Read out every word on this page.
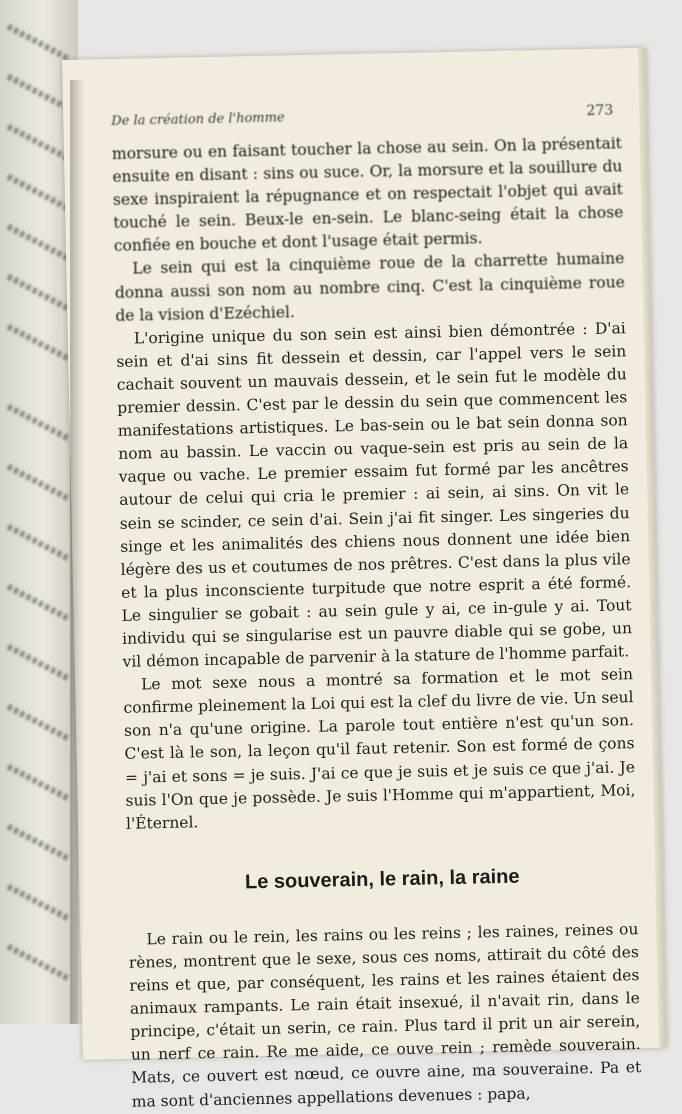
De la création de l'homme	273

morsure ou en faisant toucher la chose au sein. On la présentait ensuite en disant : sins ou suce. Or, la morsure et la souillure du sexe inspiraient la répugnance et on respectait l'objet qui avait touché le sein. Beux-le en-sein. Le blanc-seing était la chose confiée en bouche et dont l'usage était permis.

Le sein qui est la cinquième roue de la charrette humaine donna aussi son nom au nombre cinq. C'est la cinquième roue de la vision d'Ezéchiel.

L'origine unique du son sein est ainsi bien démontrée : D'ai sein et d'ai sins fit dessein et dessin, car l'appel vers le sein cachait souvent un mauvais dessein, et le sein fut le modèle du premier dessin. C'est par le dessin du sein que commencent les manifestations artistiques. Le bas-sein ou le bat sein donna son nom au bassin. Le vaccin ou vaque-sein est pris au sein de la vaque ou vache. Le premier essaim fut formé par les ancêtres autour de celui qui cria le premier : ai sein, ai sins. On vit le sein se scinder, ce sein d'ai. Sein j'ai fit singer. Les singeries du singe et les animalités des chiens nous donnent une idée bien légère des us et coutumes de nos prêtres. C'est dans la plus vile et la plus inconsciente turpitude que notre esprit a été formé. Le singulier se gobait : au sein gule y ai, ce in-gule y ai. Tout individu qui se singularise est un pauvre diable qui se gobe, un vil démon incapable de parvenir à la stature de l'homme parfait.

Le mot sexe nous a montré sa formation et le mot sein confirme pleinement la Loi qui est la clef du livre de vie. Un seul son n'a qu'une origine. La parole tout entière n'est qu'un son. C'est là le son, la leçon qu'il faut retenir. Son est formé de çons = j'ai et sons = je suis. J'ai ce que je suis et je suis ce que j'ai. Je suis l'On que je possède. Je suis l'Homme qui m'appartient, Moi, l'Éternel.

Le souverain, le rain, la raine

Le rain ou le rein, les rains ou les reins ; les raines, reines ou rènes, montrent que le sexe, sous ces noms, attirait du côté des reins et que, par conséquent, les rains et les raines étaient des animaux rampants. Le rain était insexué, il n'avait rin, dans le principe, c'était un serin, ce rain. Plus tard il prit un air serein, un nerf ce rain. Re me aide, ce ouve rein ; remède souverain. Mats, ce ouvert est nœud, ce ouvre aine, ma souveraine. Pa et ma sont d'anciennes appellations devenues : papa,
